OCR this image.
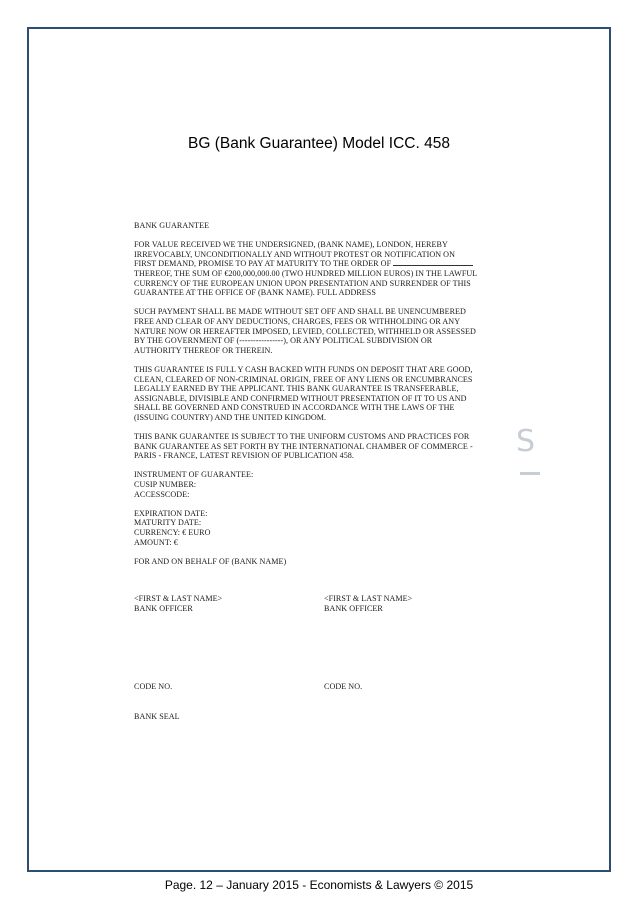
BG (Bank Guarantee) Model ICC. 458
S

BANK GUARANTEE

FOR VALUE RECEIVED WE THE UNDERSIGNED, (BANK NAME), LONDON, HEREBY

IRREVOCABLY, UNCONDITIONALLY AND WITHOUT PROTEST OR NOTIFICATION ON

FIRST DEMAND, PROMISE TO PAY AT MATURITY TO THE ORDER OF

THEREOF, THE SUM OF €200,000,000.00 (TWO HUNDRED MILLION EUROS) IN THE LAWFUL

CURRENCY OF THE EUROPEAN UNION UPON PRESENTATION AND SURRENDER OF THIS

GUARANTEE AT THE OFFICE OF (BANK NAME). FULL ADDRESS

SUCH PAYMENT SHALL BE MADE WITHOUT SET OFF AND SHALL BE UNENCUMBERED

FREE AND CLEAR OF ANY DEDUCTIONS, CHARGES, FEES OR WITHHOLDING OR ANY

NATURE NOW OR HEREAFTER IMPOSED, LEVIED, COLLECTED, WITHHELD OR ASSESSED

BY THE GOVERNMENT OF (----------------), OR ANY POLITICAL SUBDIVISION OR

AUTHORITY THEREOF OR THEREIN.

THIS GUARANTEE IS FULL Y CASH BACKED WITH FUNDS ON DEPOSIT THAT ARE GOOD,

CLEAN, CLEARED OF NON-CRIMINAL ORIGIN, FREE OF ANY LIENS OR ENCUMBRANCES

LEGALLY EARNED BY THE APPLICANT. THIS BANK GUARANTEE IS TRANSFERABLE,

ASSIGNABLE, DIVISIBLE AND CONFIRMED WITHOUT PRESENTATION OF IT TO US AND

SHALL BE GOVERNED AND CONSTRUED IN ACCORDANCE WITH THE LAWS OF THE

(ISSUING COUNTRY) AND THE UNITED KINGDOM.

THIS BANK GUARANTEE IS SUBJECT TO THE UNIFORM CUSTOMS AND PRACTICES FOR

BANK GUARANTEE AS SET FORTH BY THE INTERNATIONAL CHAMBER OF COMMERCE -

PARIS - FRANCE, LATEST REVISION OF PUBLICATION 458.

INSTRUMENT OF GUARANTEE:

CUSIP NUMBER:

ACCESSCODE:

EXPIRATION DATE:

MATURITY DATE:

CURRENCY: € EURO

AMOUNT: €

FOR AND ON BEHALF OF (BANK NAME)

<FIRST & LAST NAME>	<FIRST & LAST NAME>
BANK OFFICER	BANK OFFICER
CODE NO.	CODE NO.

BANK SEAL

Page. 12 – January 2015 - Economists & Lawyers © 2015
